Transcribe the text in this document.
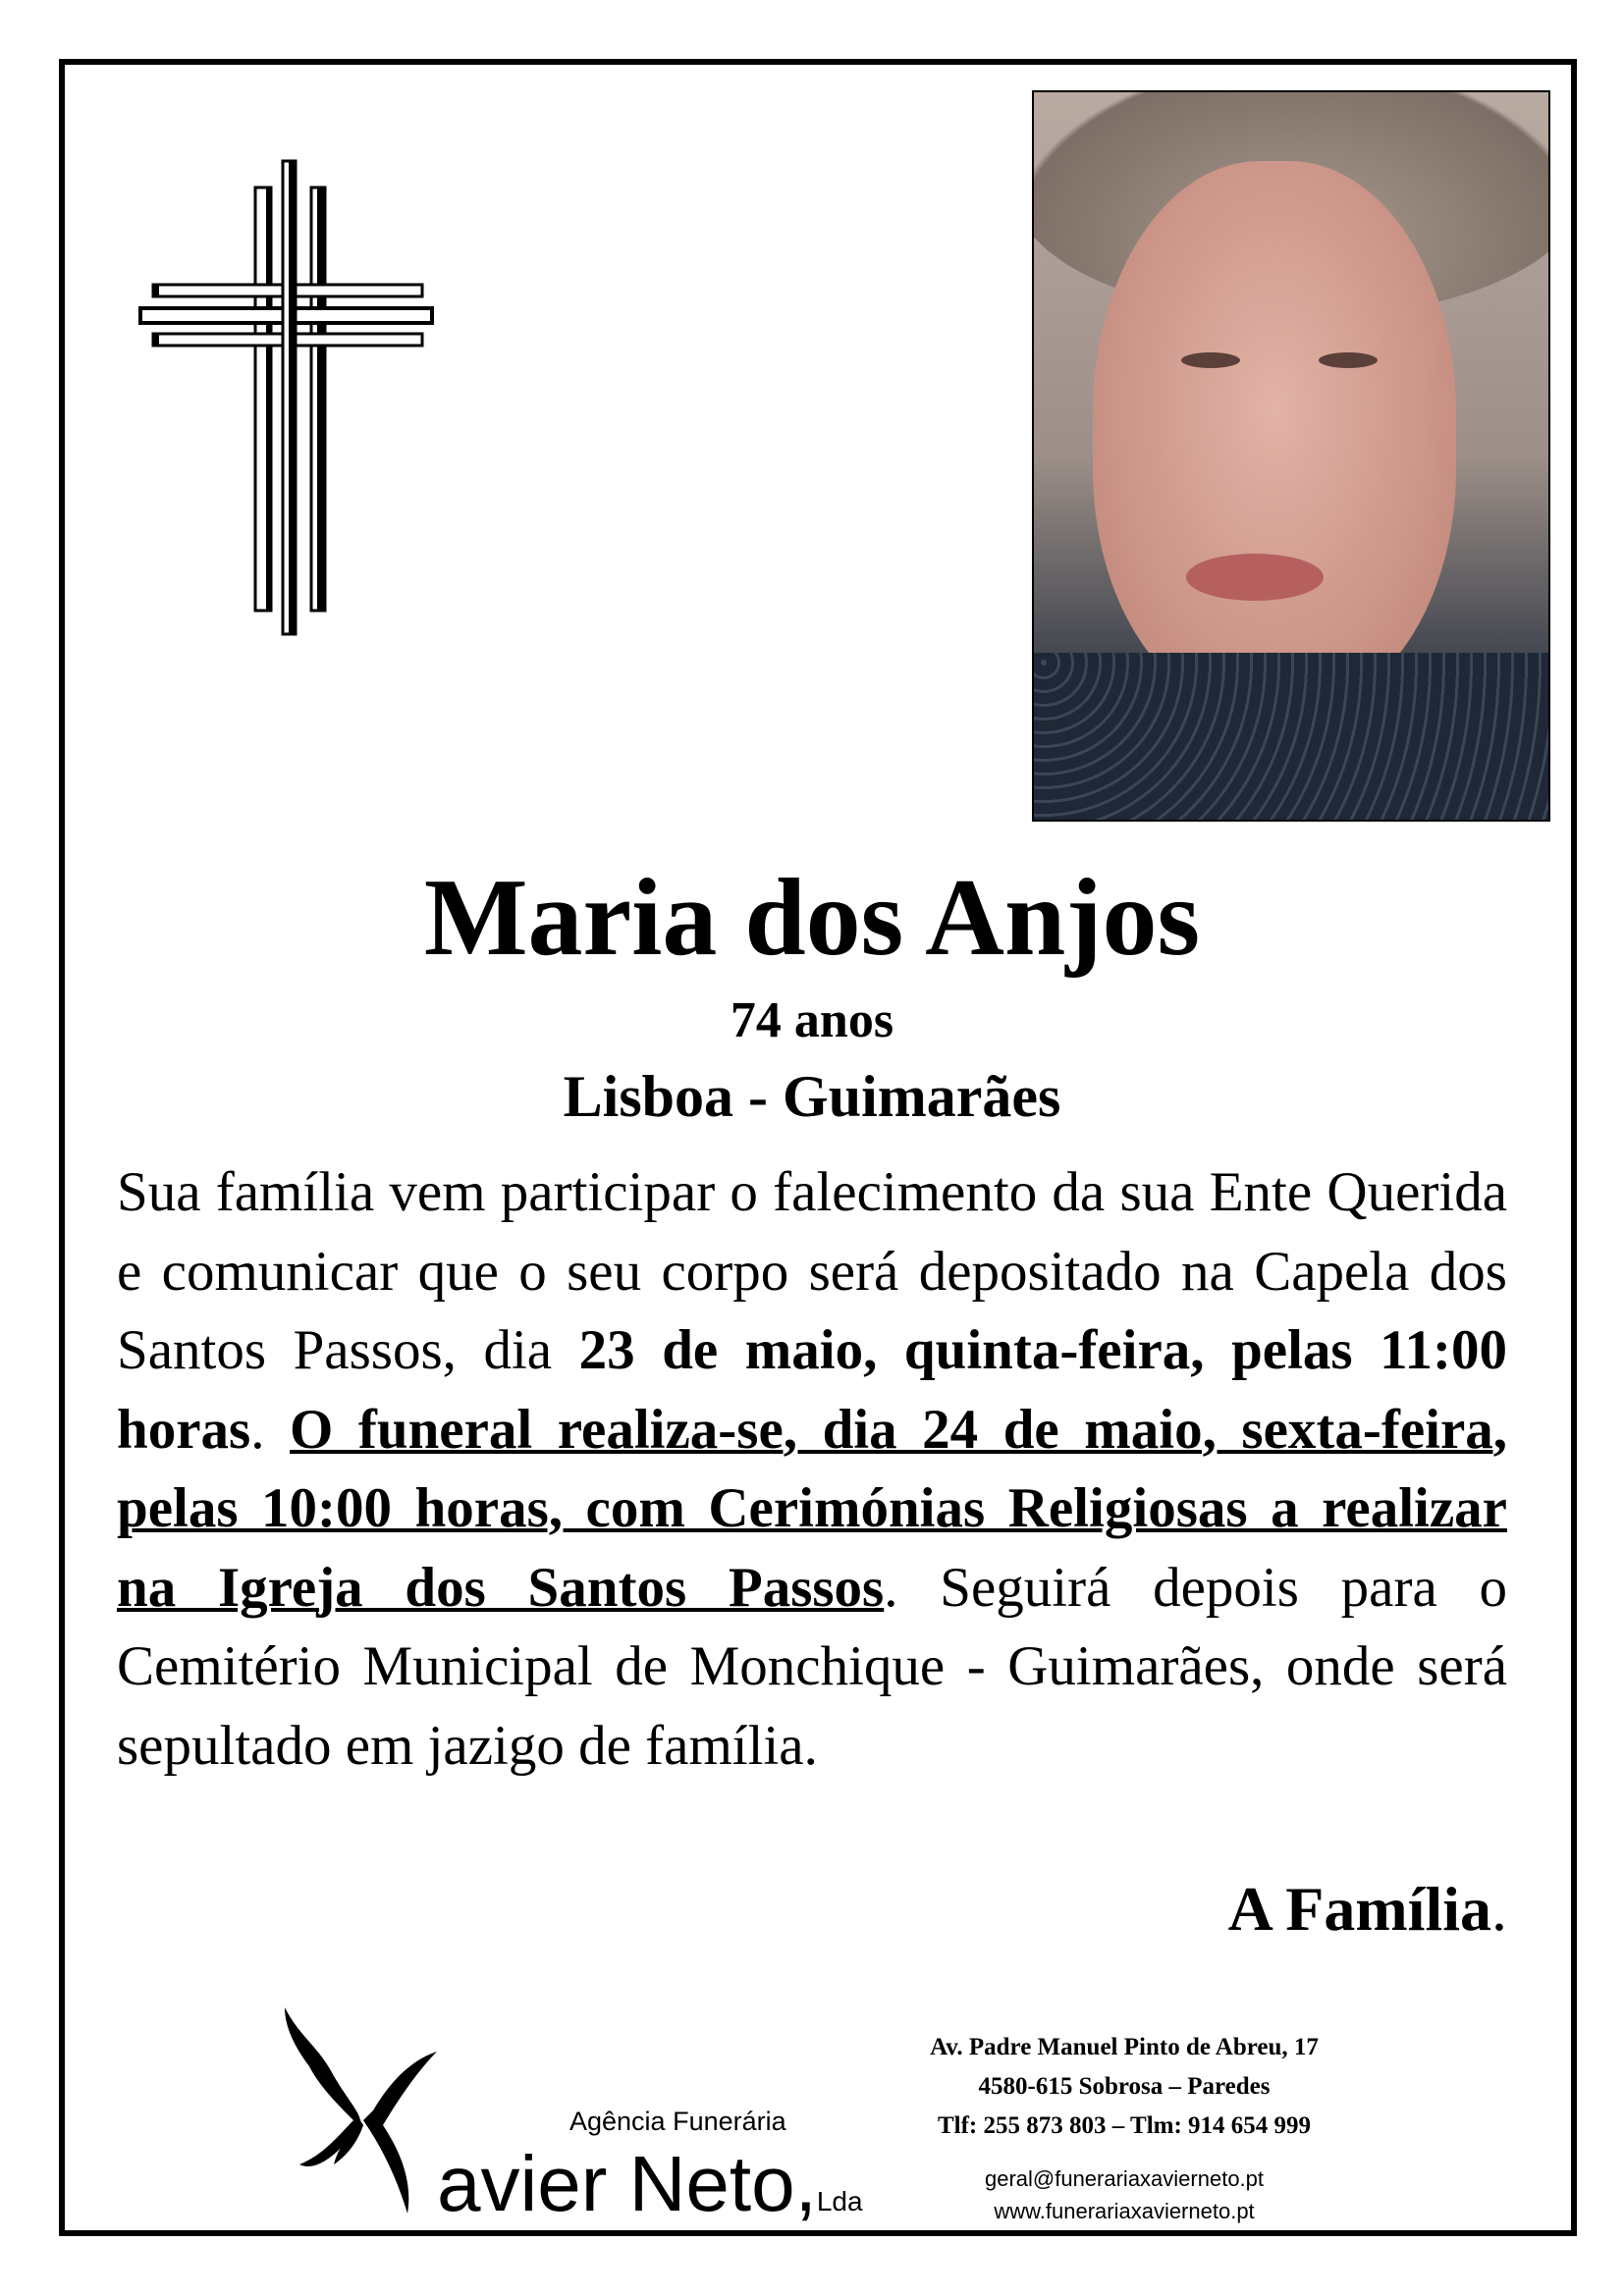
Maria dos Anjos
74 anos
Lisboa - Guimarães
Sua família vem participar o falecimento da sua Ente Querida e comunicar que o seu corpo será depositado na Capela dos Santos Passos, dia 23 de maio, quinta-feira, pelas 11:00 horas. O funeral realiza-se, dia 24 de maio, sexta-feira, pelas 10:00 horas, com Cerimónias Religiosas a realizar na Igreja dos Santos Passos. Seguirá depois para o Cemitério Municipal de Monchique - Guimarães, onde será sepultado em jazigo de família.
A Família.
Agência Funerária
avier Neto,Lda
Av. Padre Manuel Pinto de Abreu, 17
4580-615 Sobrosa – Paredes
Tlf: 255 873 803 – Tlm: 914 654 999
geral@funerariaxavierneto.pt
www.funerariaxavierneto.pt
